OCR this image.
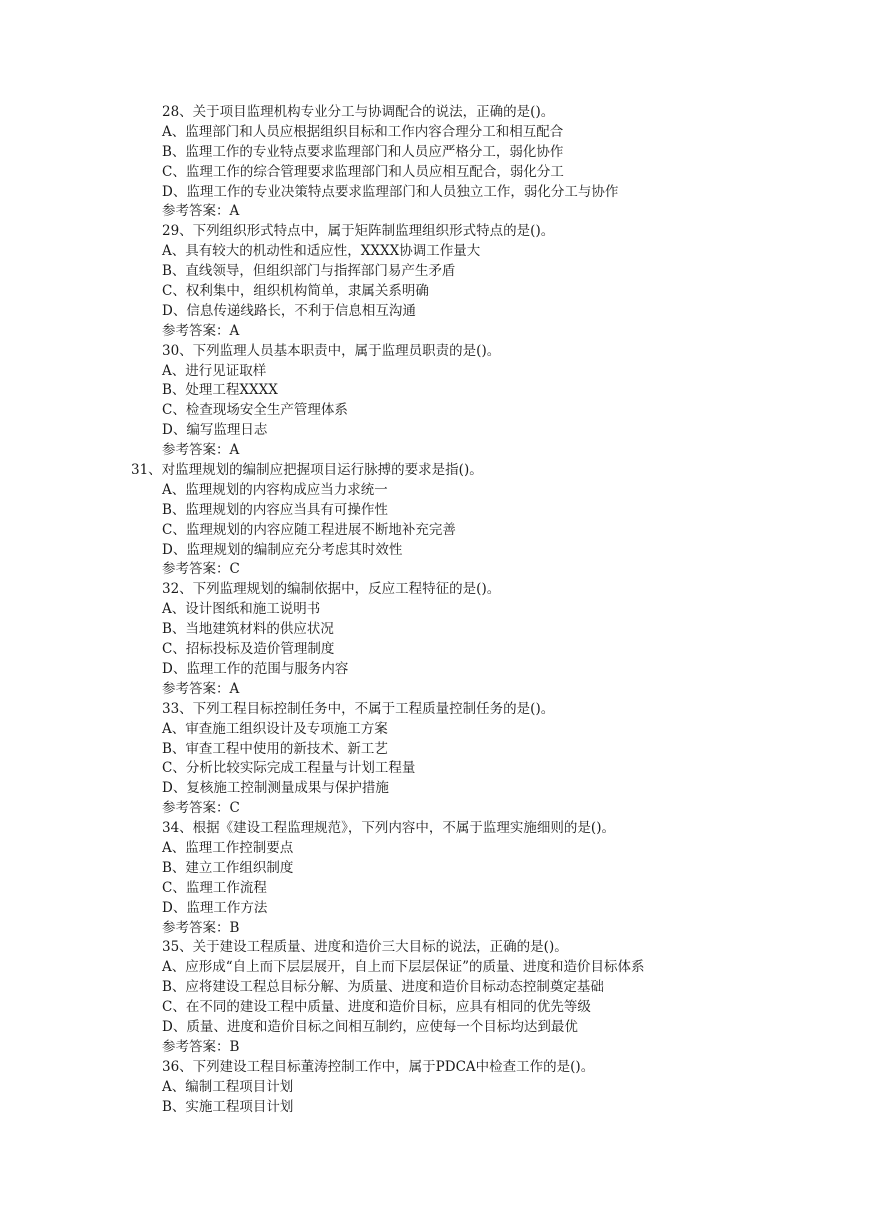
28、关于项目监理机构专业分工与协调配合的说法，正确的是()。
A、监理部门和人员应根据组织目标和工作内容合理分工和相互配合
B、监理工作的专业特点要求监理部门和人员应严格分工，弱化协作
C、监理工作的综合管理要求监理部门和人员应相互配合，弱化分工
D、监理工作的专业决策特点要求监理部门和人员独立工作，弱化分工与协作
参考答案：A
29、下列组织形式特点中，属于矩阵制监理组织形式特点的是()。
A、具有较大的机动性和适应性，XXXX协调工作量大
B、直线领导，但组织部门与指挥部门易产生矛盾
C、权利集中，组织机构简单，隶属关系明确
D、信息传递线路长，不利于信息相互沟通
参考答案：A
30、下列监理人员基本职责中，属于监理员职责的是()。
A、进行见证取样
B、处理工程XXXX
C、检查现场安全生产管理体系
D、编写监理日志
参考答案：A
31、对监理规划的编制应把握项目运行脉搏的要求是指()。
A、监理规划的内容构成应当力求统一
B、监理规划的内容应当具有可操作性
C、监理规划的内容应随工程进展不断地补充完善
D、监理规划的编制应充分考虑其时效性
参考答案：C
32、下列监理规划的编制依据中，反应工程特征的是()。
A、设计图纸和施工说明书
B、当地建筑材料的供应状况
C、招标投标及造价管理制度
D、监理工作的范围与服务内容
参考答案：A
33、下列工程目标控制任务中，不属于工程质量控制任务的是()。
A、审查施工组织设计及专项施工方案
B、审查工程中使用的新技术、新工艺
C、分析比较实际完成工程量与计划工程量
D、复核施工控制测量成果与保护措施
参考答案：C
34、根据《建设工程监理规范》，下列内容中，不属于监理实施细则的是()。
A、监理工作控制要点
B、建立工作组织制度
C、监理工作流程
D、监理工作方法
参考答案：B
35、关于建设工程质量、进度和造价三大目标的说法，正确的是()。
A、应形成“自上而下层层展开，自上而下层层保证”的质量、进度和造价目标体系
B、应将建设工程总目标分解、为质量、进度和造价目标动态控制奠定基础
C、在不同的建设工程中质量、进度和造价目标，应具有相同的优先等级
D、质量、进度和造价目标之间相互制约，应使每一个目标均达到最优
参考答案：B
36、下列建设工程目标董涛控制工作中，属于PDCA中检查工作的是()。
A、编制工程项目计划
B、实施工程项目计划
